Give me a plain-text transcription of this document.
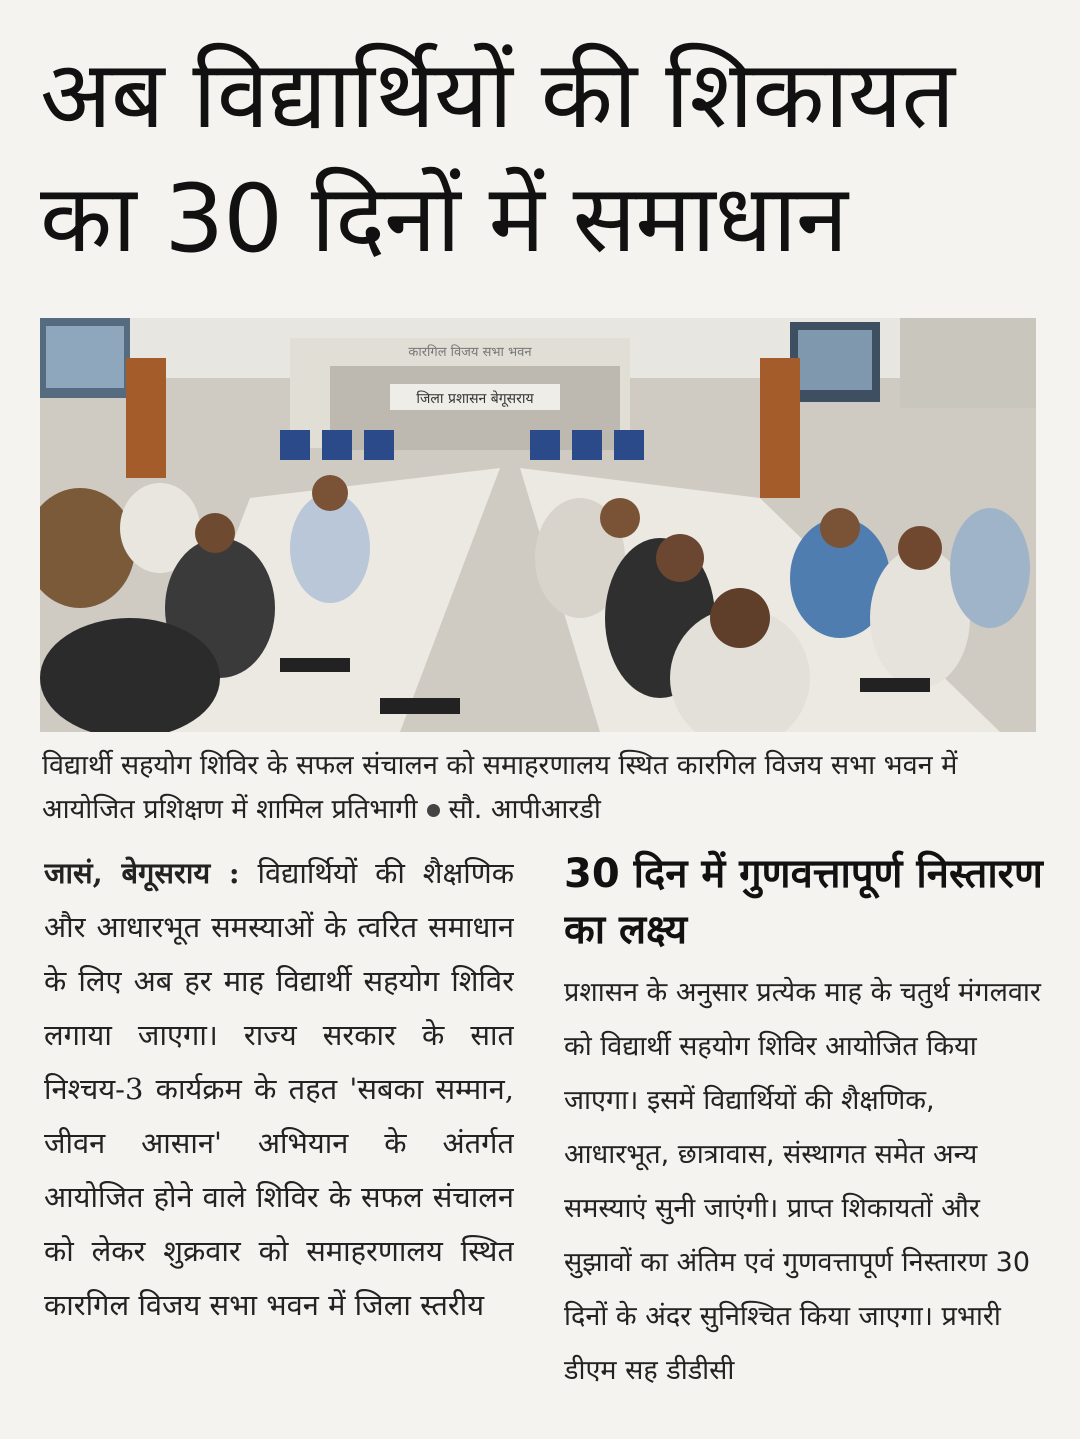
अब विद्यार्थियों की शिकायत का 30 दिनों में समाधान
कारगिल विजय सभा भवन
जिला प्रशासन बेगूसराय

विद्यार्थी सहयोग शिविर के सफल संचालन को समाहरणालय स्थित कारगिल विजय सभा भवन में आयोजित प्रशिक्षण में शामिल प्रतिभागी सौ. आपीआरडी

जासं, बेगूसराय : विद्यार्थियों की शैक्षणिक और आधारभूत समस्याओं के त्वरित समाधान के लिए अब हर माह विद्यार्थी सहयोग शिविर लगाया जाएगा। राज्य सरकार के सात निश्चय-3 कार्यक्रम के तहत 'सबका सम्मान, जीवन आसान' अभियान के अंतर्गत आयोजित होने वाले शिविर के सफल संचालन को लेकर शुक्रवार को समाहरणालय स्थित कारगिल विजय सभा भवन में जिला स्तरीय

30 दिन में गुणवत्तापूर्ण निस्तारण का लक्ष्य

प्रशासन के अनुसार प्रत्येक माह के चतुर्थ मंगलवार को विद्यार्थी सहयोग शिविर आयोजित किया जाएगा। इसमें विद्यार्थियों की शैक्षणिक, आधारभूत, छात्रावास, संस्थागत समेत अन्य समस्याएं सुनी जाएंगी। प्राप्त शिकायतों और सुझावों का अंतिम एवं गुणवत्तापूर्ण निस्तारण 30 दिनों के अंदर सुनिश्चित किया जाएगा। प्रभारी डीएम सह डीडीसी
